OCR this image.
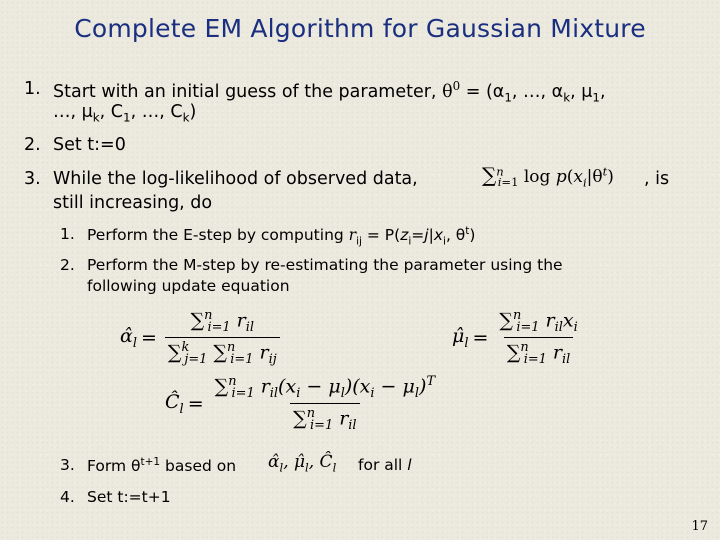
Complete EM Algorithm for Gaussian Mixture
1. Start with an initial guess of the parameter, $\theta^0 = (\alpha_1$, …, $\alpha_k$, $\mu_1$,
…, $\mu_k$, $C_1$, …, $C_k$)
2. Set t:=0
3. While the log-likelihood of observed data,	∑$^n_{i=1}$ $\log p(x_i|\theta^t)$ , is
still increasing, do
1. Perform the E-step by computing $r_{ij} = P(z_i=j|x_i$, $\theta^t$)
2. Perform the M-step by re-estimating the parameter using the
following update equation
$\alphâ_l = \frac{\sum^n_{i=1} r_{il}}{\sum^k_{j=1} \sum^n_{i=1} r_{ij}}$	$\mû_l = \frac{\sum^n_{i=1} r_{il}x_i}{\sum^n_{i=1} r_{il}}$
$Ĉ_l = \frac{\sum^n_{i=1} r_{il}(x_i - \mu_l)(x_i - \mu_l)^T}{\sum^n_{i=1} r_{il}}$
3. Form $\theta^{t+1}$ based on $\alphâ_l$, $\mû_l$, $Ĉ_l$ for all l
4. Set t:=t+1
17
